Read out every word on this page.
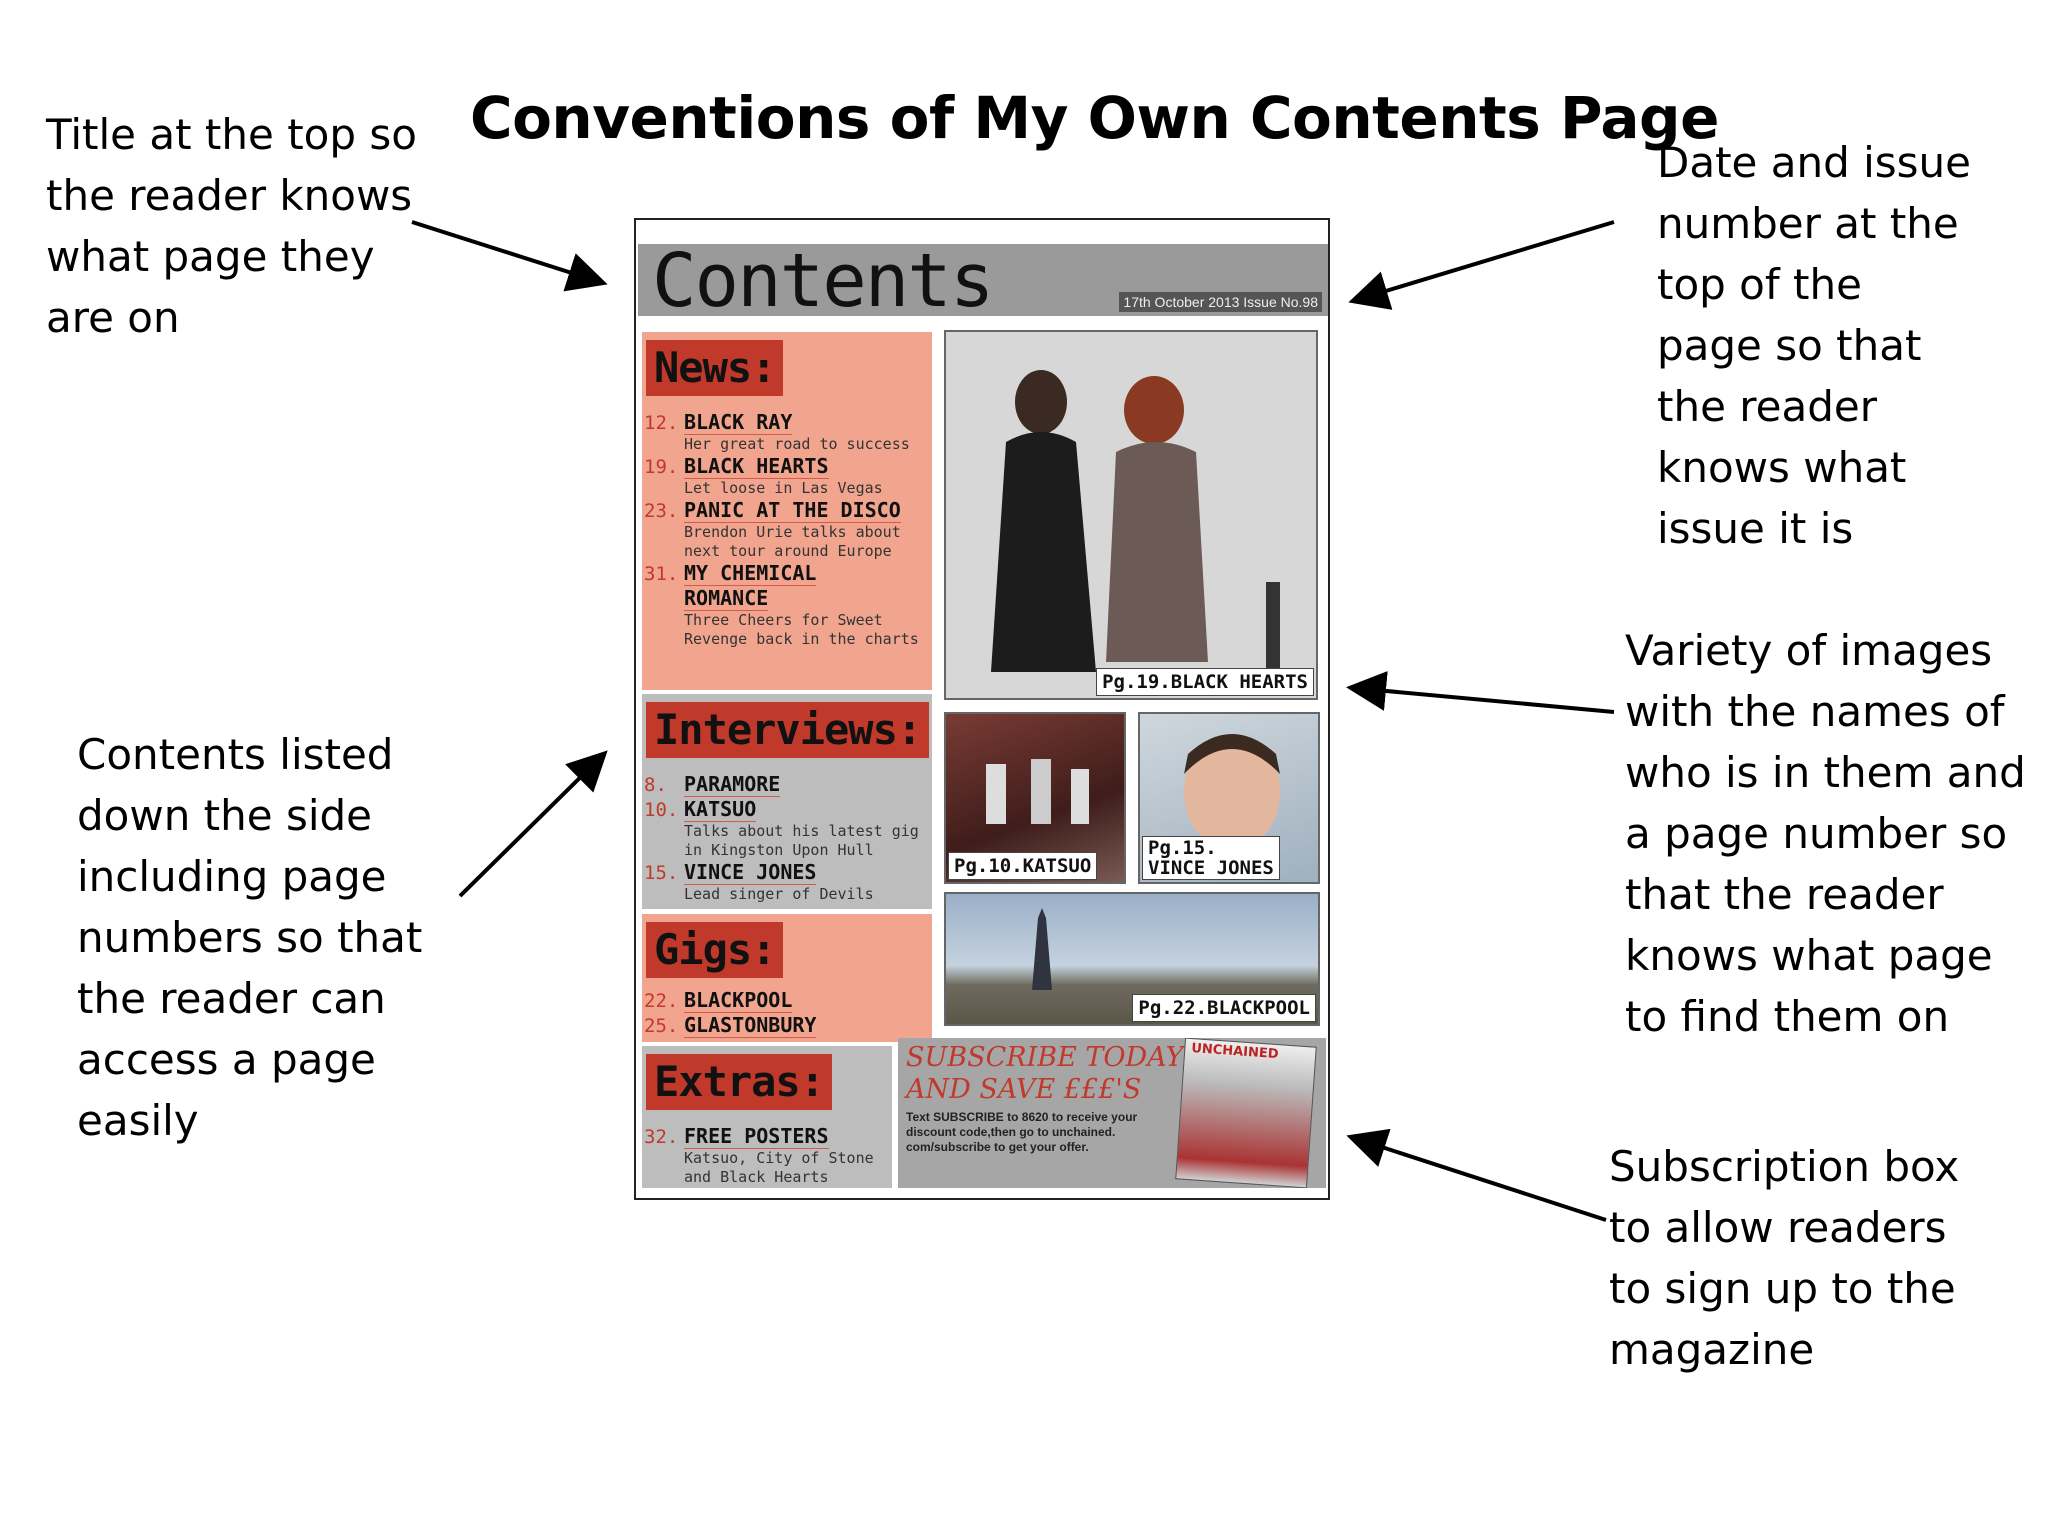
Conventions of My Own Contents Page
Title at the top so
the reader knows
what page they
are on
Date and issue
number at the
top of the
page so that
the reader
knows what
issue it is
Contents listed
down the side
including page
numbers so that
the reader can
access a page
easily
Variety of images
with the names of
who is in them and
a page number so
that the reader
knows what page
to find them on
Subscription box
to allow readers
to sign up to the
magazine
Contents	17th October 2013 Issue No.98
News:
12. BLACK RAY
Her great road to success
19. BLACK HEARTS
Let loose in Las Vegas
23. PANIC AT THE DISCO
Brendon Urie talks about
next tour around Europe
31. MY CHEMICAL
ROMANCE
Three Cheers for Sweet
Revenge back in the charts
Interviews:
8. PARAMORE
10. KATSUO
Talks about his latest gig
in Kingston Upon Hull
15. VINCE JONES
Lead singer of Devils
Gigs:
22. BLACKPOOL
25. GLASTONBURY
Extras:
32. FREE POSTERS
Katsuo, City of Stone
and Black Hearts
Pg.19.BLACK HEARTS
Pg.10.KATSUO
Pg.15.
VINCE JONES
Pg.22.BLACKPOOL
SUBSCRIBE TODAY
AND SAVE £££'S
Text SUBSCRIBE to 8620 to receive your discount code,then go to unchained. com/subscribe to get your offer.
UNCHAINED
